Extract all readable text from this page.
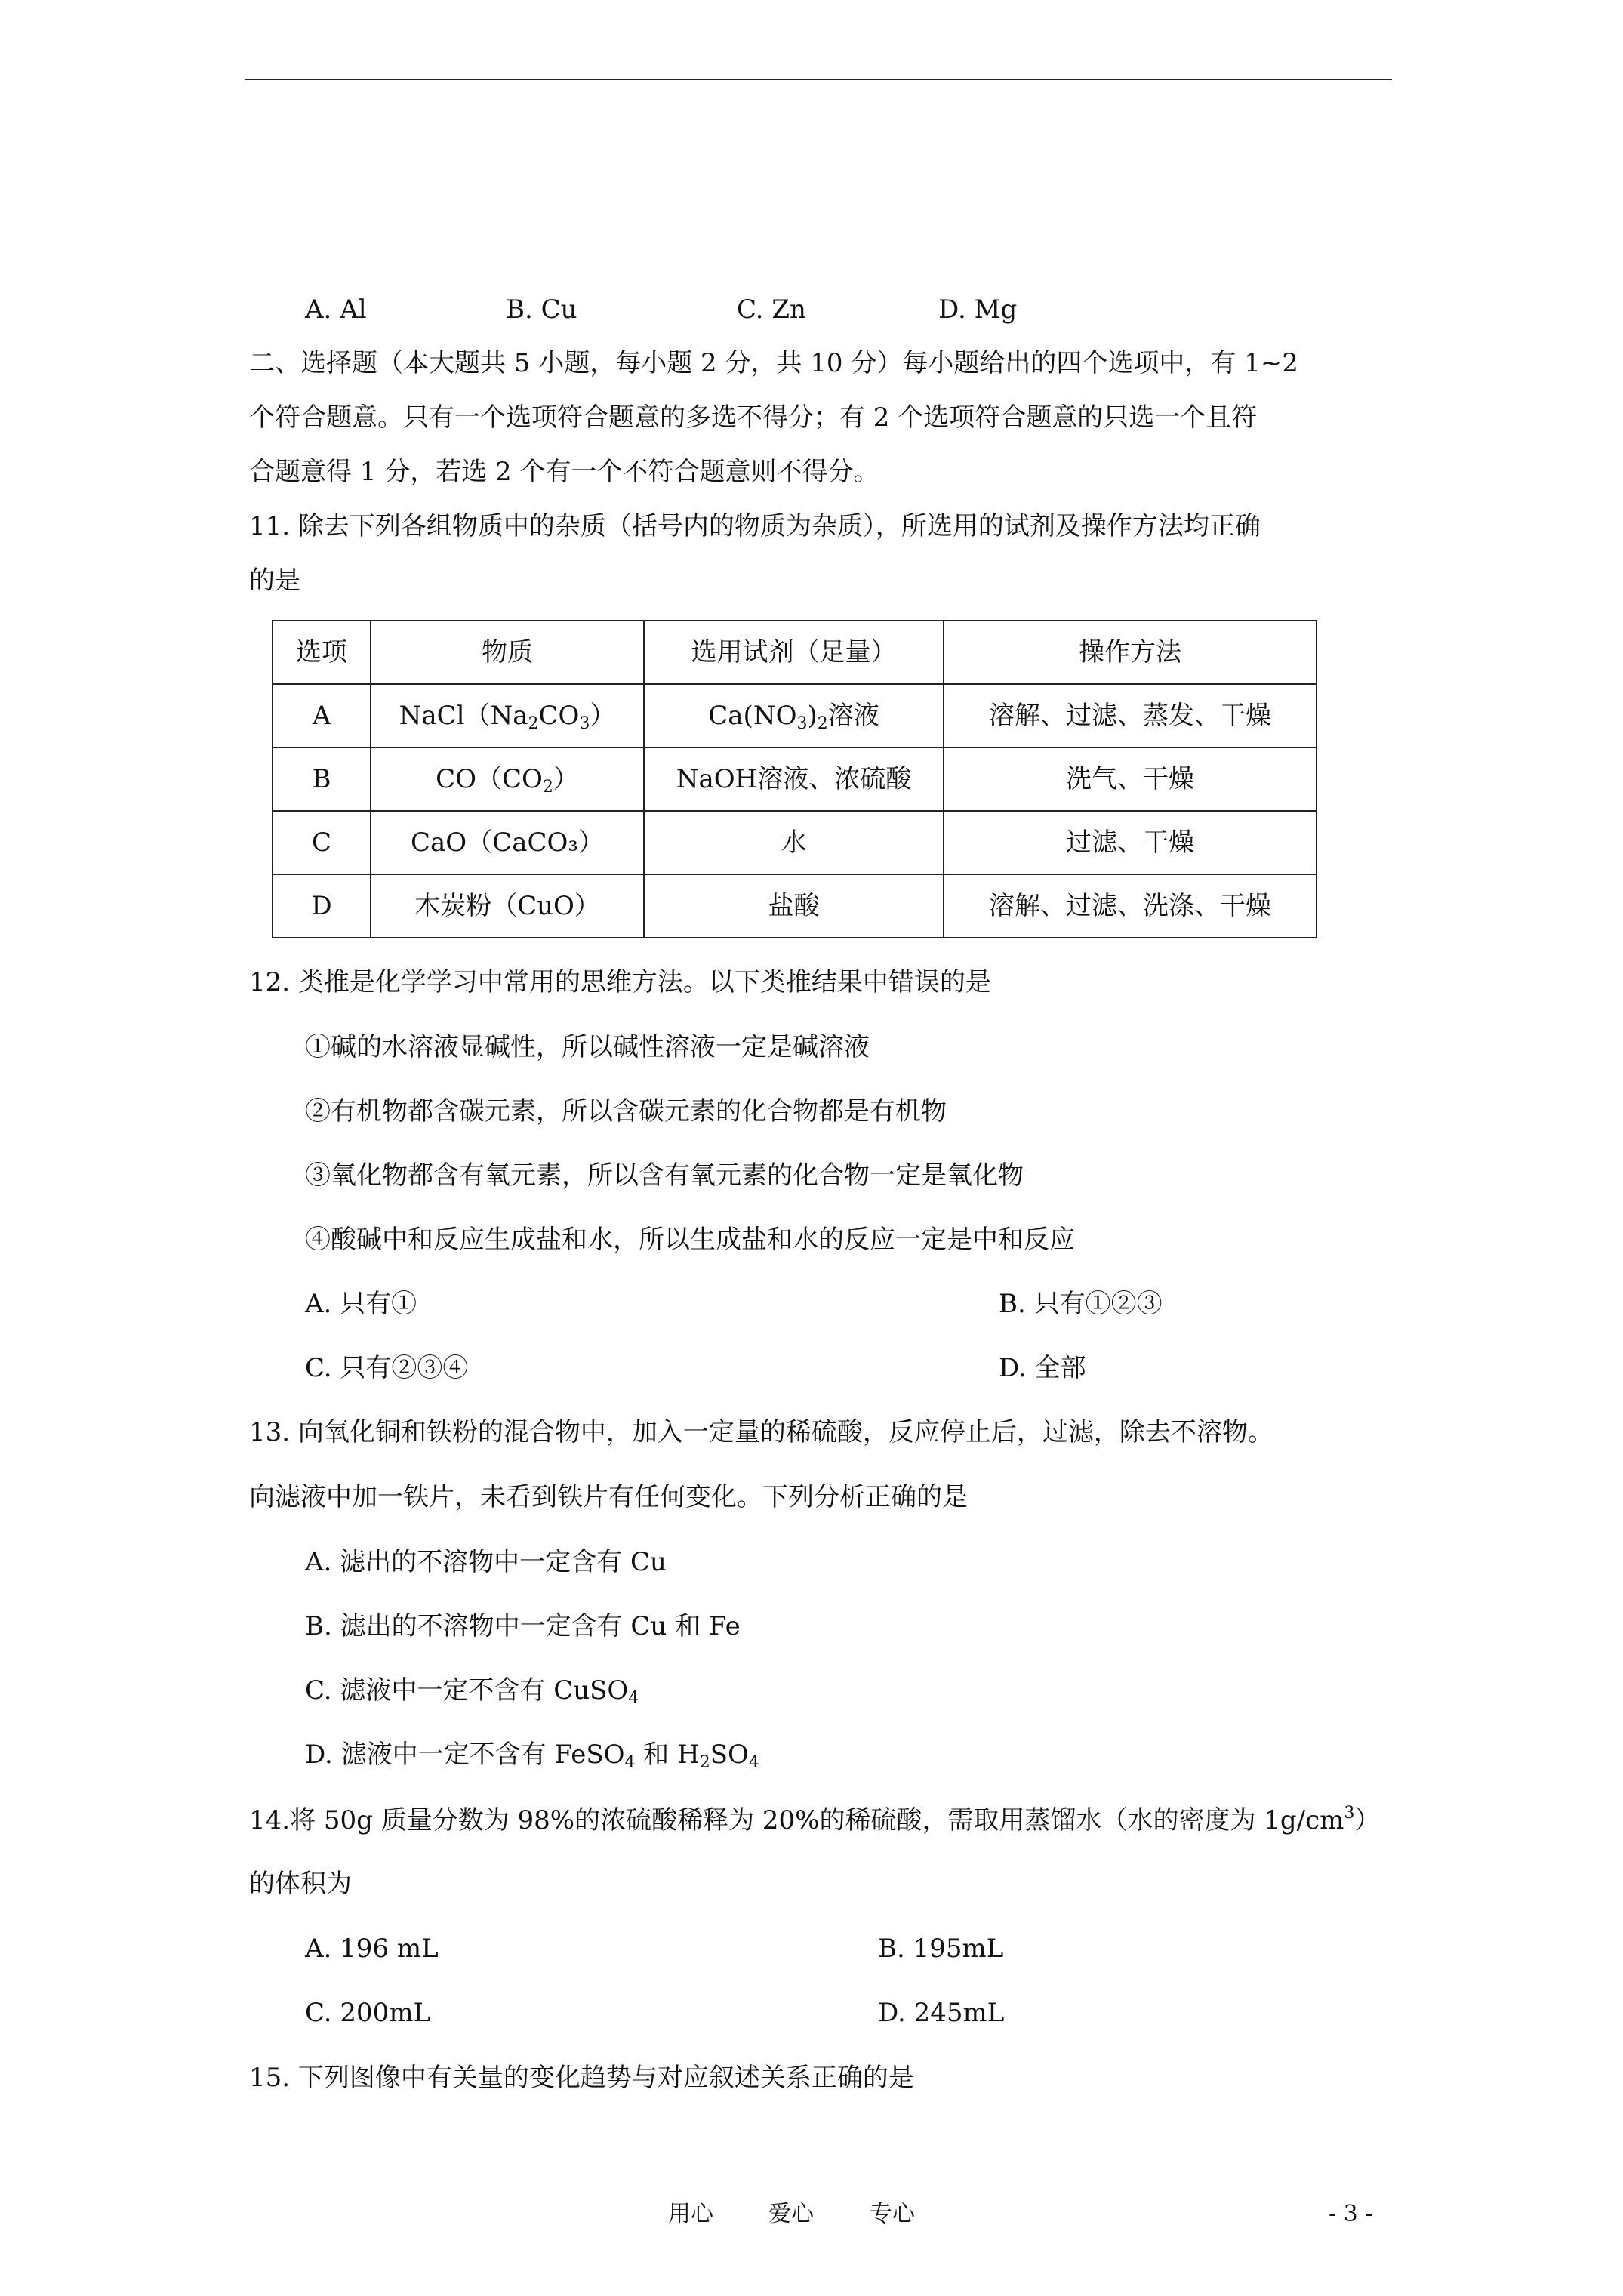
A. Al	B. Cu	C. Zn	D. Mg
二、选择题（本大题共 5 小题，每小题 2 分，共 10 分）每小题给出的四个选项中，有 1~2
个符合题意。只有一个选项符合题意的多选不得分；有 2 个选项符合题意的只选一个且符
合题意得 1 分，若选 2 个有一个不符合题意则不得分。
11. 除去下列各组物质中的杂质（括号内的物质为杂质），所选用的试剂及操作方法均正确
的是
选项	物质	选用试剂（足量）	操作方法
A	$NaCl(Na_2CO_3)$	$Ca(NO_3)_2$溶液	溶解、过滤、蒸发、干燥
B	$CO(CO_2)$	NaOH溶液、浓硫酸	洗气、干燥
C	CaO（CaCO₃）	水	过滤、干燥
D	木炭粉（CuO）	盐酸	溶解、过滤、洗涤、干燥
12. 类推是化学学习中常用的思维方法。以下类推结果中错误的是
①碱的水溶液显碱性，所以碱性溶液一定是碱溶液
②有机物都含碳元素，所以含碳元素的化合物都是有机物
③氧化物都含有氧元素，所以含有氧元素的化合物一定是氧化物
④酸碱中和反应生成盐和水，所以生成盐和水的反应一定是中和反应
A. 只有①	B. 只有①②③
C. 只有②③④	D. 全部
13. 向氧化铜和铁粉的混合物中，加入一定量的稀硫酸，反应停止后，过滤，除去不溶物。
向滤液中加一铁片，未看到铁片有任何变化。下列分析正确的是
A. 滤出的不溶物中一定含有 Cu
B. 滤出的不溶物中一定含有 Cu 和 Fe
C. 滤液中一定不含有 CuSO$_4$
D. 滤液中一定不含有 FeSO$_4$ 和 $H_2SO_4$
14.将 50g 质量分数为 98%的浓硫酸稀释为 20%的稀硫酸，需取用蒸馏水（水的密度为 $1g/cm^3$）
的体积为
A. 196 mL	B. 195mL
C. 200mL	D. 245mL
15. 下列图像中有关量的变化趋势与对应叙述关系正确的是
用心 爱心 专心	- 3 -
